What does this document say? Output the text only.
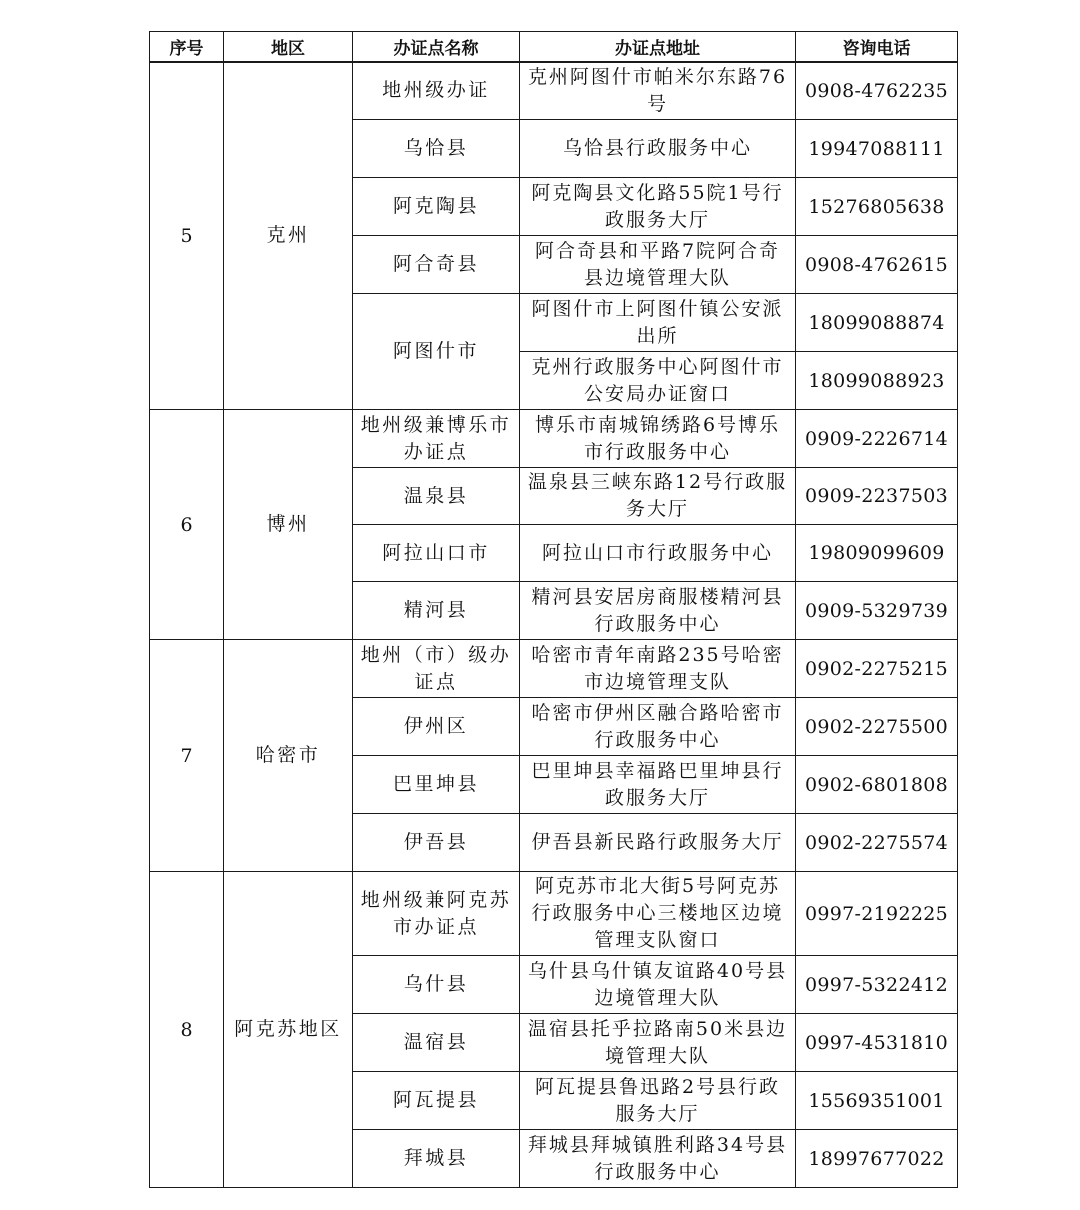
序号	地区	办证点名称	办证点地址	咨询电话
5	克州	地州级办证	克州阿图什市帕米尔东路76号	0908-4762235
		乌恰县	乌恰县行政服务中心	19947088111
		阿克陶县	阿克陶县文化路55院1号行政服务大厅	15276805638
		阿合奇县	阿合奇县和平路7院阿合奇县边境管理大队	0908-4762615
		阿图什市	阿图什市上阿图什镇公安派出所	18099088874
			克州行政服务中心阿图什市公安局办证窗口	18099088923
6	博州	地州级兼博乐市办证点	博乐市南城锦绣路6号博乐市行政服务中心	0909-2226714
		温泉县	温泉县三峡东路12号行政服务大厅	0909-2237503
		阿拉山口市	阿拉山口市行政服务中心	19809099609
		精河县	精河县安居房商服楼精河县行政服务中心	0909-5329739
7	哈密市	地州（市）级办证点	哈密市青年南路235号哈密市边境管理支队	0902-2275215
		伊州区	哈密市伊州区融合路哈密市行政服务中心	0902-2275500
		巴里坤县	巴里坤县幸福路巴里坤县行政服务大厅	0902-6801808
		伊吾县	伊吾县新民路行政服务大厅	0902-2275574
8	阿克苏地区	地州级兼阿克苏市办证点	阿克苏市北大街5号阿克苏行政服务中心三楼地区边境管理支队窗口	0997-2192225
		乌什县	乌什县乌什镇友谊路40号县边境管理大队	0997-5322412
		温宿县	温宿县托乎拉路南50米县边境管理大队	0997-4531810
		阿瓦提县	阿瓦提县鲁迅路2号县行政服务大厅	15569351001
		拜城县	拜城县拜城镇胜利路34号县行政服务中心	18997677022
